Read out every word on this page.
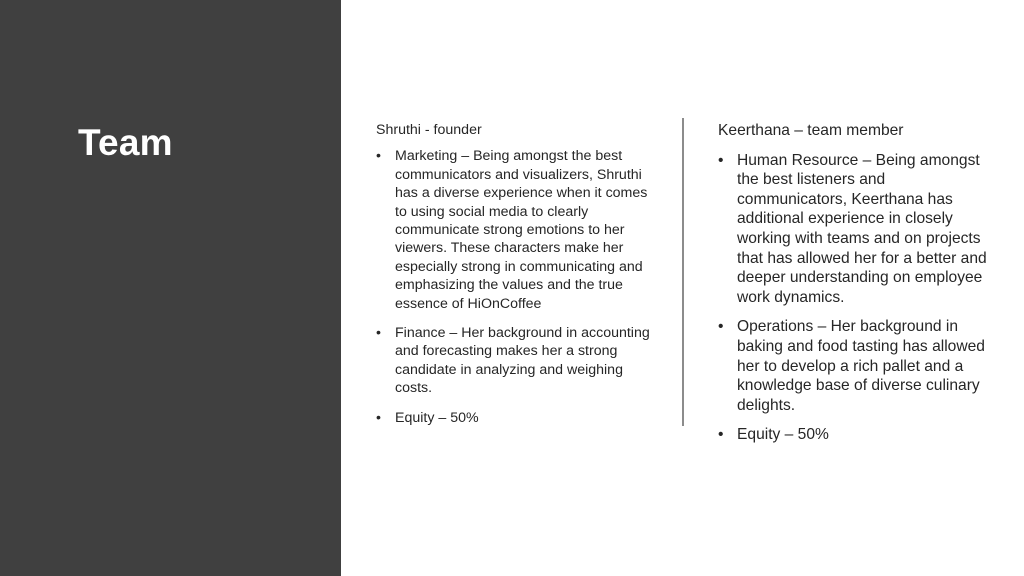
Team	Shruthi - founder
• Marketing – Being amongst the best communicators and visualizers, Shruthi has a diverse experience when it comes to using social media to clearly communicate strong emotions to her viewers. These characters make her especially strong in communicating and emphasizing the values and the true essence of HiOnCoffee
• Finance – Her background in accounting and forecasting makes her a strong candidate in analyzing and weighing costs.
• Equity – 50%
Keerthana – team member
• Human Resource – Being amongst the best listeners and communicators, Keerthana has additional experience in closely working with teams and on projects that has allowed her for a better and deeper understanding on employee work dynamics.
• Operations – Her background in baking and food tasting has allowed her to develop a rich pallet and a knowledge base of diverse culinary delights.
• Equity – 50%
